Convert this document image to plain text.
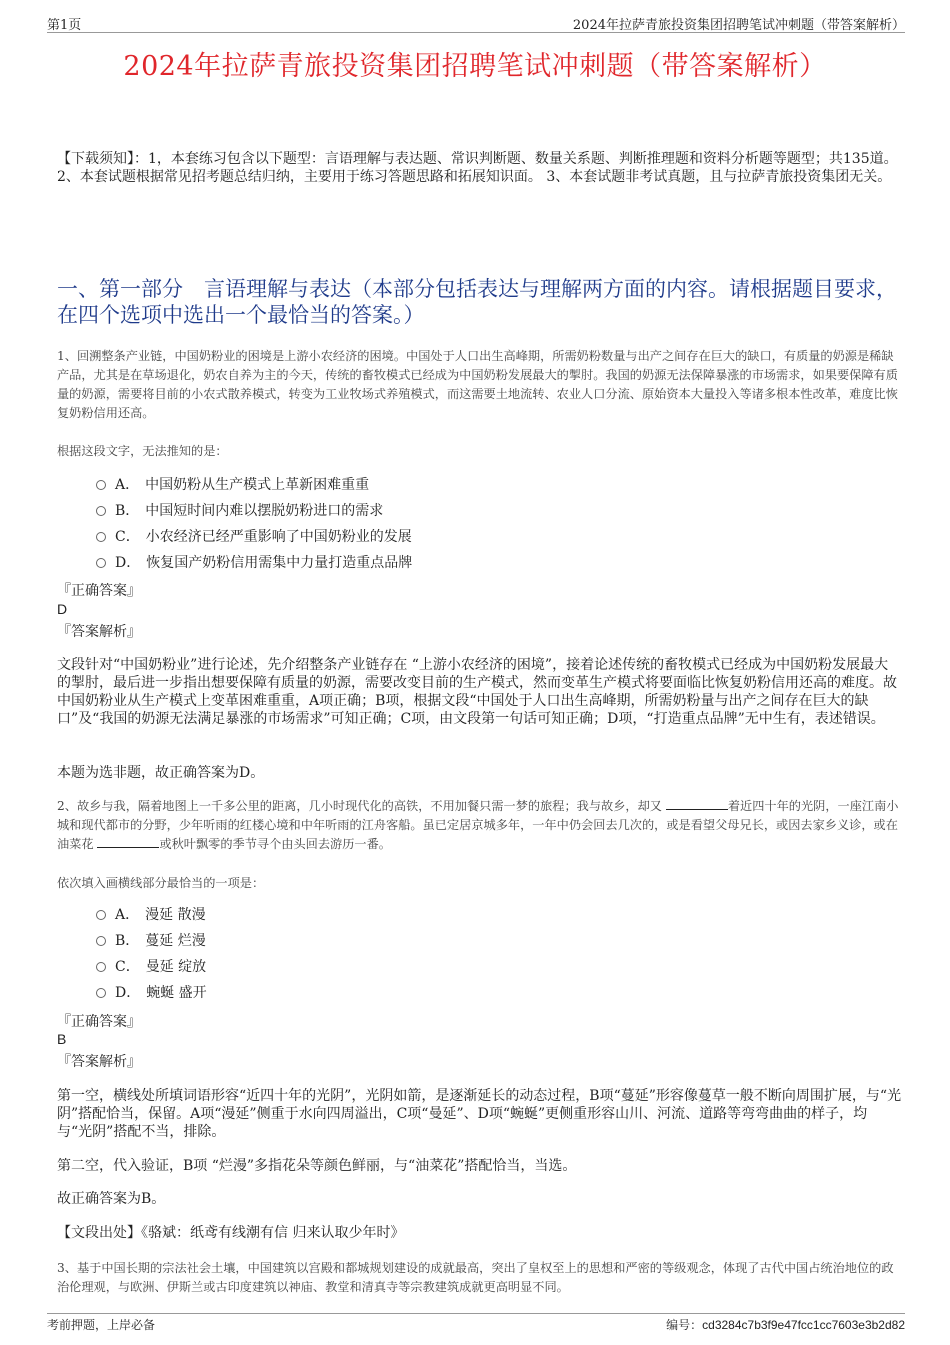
第1页	2024年拉萨青旅投资集团招聘笔试冲刺题（带答案解析）
2024年拉萨青旅投资集团招聘笔试冲刺题（带答案解析）
【下载须知】：1，本套练习包含以下题型：言语理解与表达题、常识判断题、数量关系题、判断推理题和资料分析题等题型；共135道。 2、本套试题根据常见招考题总结归纳，主要用于练习答题思路和拓展知识面。 3、本套试题非考试真题，且与拉萨青旅投资集团无关。
一、第一部分　言语理解与表达（本部分包括表达与理解两方面的内容。请根据题目要求，在四个选项中选出一个最恰当的答案。）
1、回溯整条产业链，中国奶粉业的困境是上游小农经济的困境。中国处于人口出生高峰期，所需奶粉数量与出产之间存在巨大的缺口，有质量的奶源是稀缺产品，尤其是在草场退化，奶农自养为主的今天，传统的畜牧模式已经成为中国奶粉发展最大的掣肘。我国的奶源无法保障暴涨的市场需求，如果要保障有质量的奶源，需要将目前的小农式散养模式，转变为工业牧场式养殖模式，而这需要土地流转、农业人口分流、原始资本大量投入等诸多根本性改革，难度比恢复奶粉信用还高。
根据这段文字，无法推知的是：
A． 中国奶粉从生产模式上革新困难重重
B． 中国短时间内难以摆脱奶粉进口的需求
C． 小农经济已经严重影响了中国奶粉业的发展
D． 恢复国产奶粉信用需集中力量打造重点品牌
『正确答案』
D
『答案解析』
文段针对“中国奶粉业”进行论述，先介绍整条产业链存在 “上游小农经济的困境”，接着论述传统的畜牧模式已经成为中国奶粉发展最大的掣肘，最后进一步指出想要保障有质量的奶源，需要改变目前的生产模式，然而变革生产模式将要面临比恢复奶粉信用还高的难度。故中国奶粉业从生产模式上变革困难重重，A项正确；B项，根据文段“中国处于人口出生高峰期，所需奶粉量与出产之间存在巨大的缺口”及“我国的奶源无法满足暴涨的市场需求”可知正确；C项，由文段第一句话可知正确；D项，“打造重点品牌”无中生有，表述错误。
本题为选非题，故正确答案为D。
2、故乡与我，隔着地图上一千多公里的距离，几小时现代化的高铁，不用加餐只需一梦的旅程；我与故乡，却又	着近四十年的光阴，一座江南小城和现代都市的分野，少年听雨的红楼心境和中年听雨的江舟客船。虽已定居京城多年，一年中仍会回去几次的，或是看望父母兄长，或因去家乡义诊，或在油菜花	或秋叶飘零的季节寻个由头回去游历一番。
依次填入画横线部分最恰当的一项是：
A． 漫延 散漫
B． 蔓延 烂漫
C． 曼延 绽放
D． 蜿蜒 盛开
『正确答案』
B
『答案解析』
第一空，横线处所填词语形容“近四十年的光阴”，光阴如箭，是逐渐延长的动态过程，B项“蔓延”形容像蔓草一般不断向周围扩展，与“光阴”搭配恰当，保留。A项“漫延”侧重于水向四周溢出，C项“曼延”、D项“蜿蜒”更侧重形容山川、河流、道路等弯弯曲曲的样子，均与“光阴”搭配不当，排除。
第二空，代入验证，B项 “烂漫”多指花朵等颜色鲜丽，与“油菜花”搭配恰当，当选。
故正确答案为B。
【文段出处】《骆斌：纸鸢有线潮有信 归来认取少年时》
3、基于中国长期的宗法社会土壤，中国建筑以宫殿和都城规划建设的成就最高，突出了皇权至上的思想和严密的等级观念，体现了古代中国占统治地位的政治伦理观，与欧洲、伊斯兰或古印度建筑以神庙、教堂和清真寺等宗教建筑成就更高明显不同。
考前押题，上岸必备	编号：cd3284c7b3f9e47fcc1cc7603e3b2d82
